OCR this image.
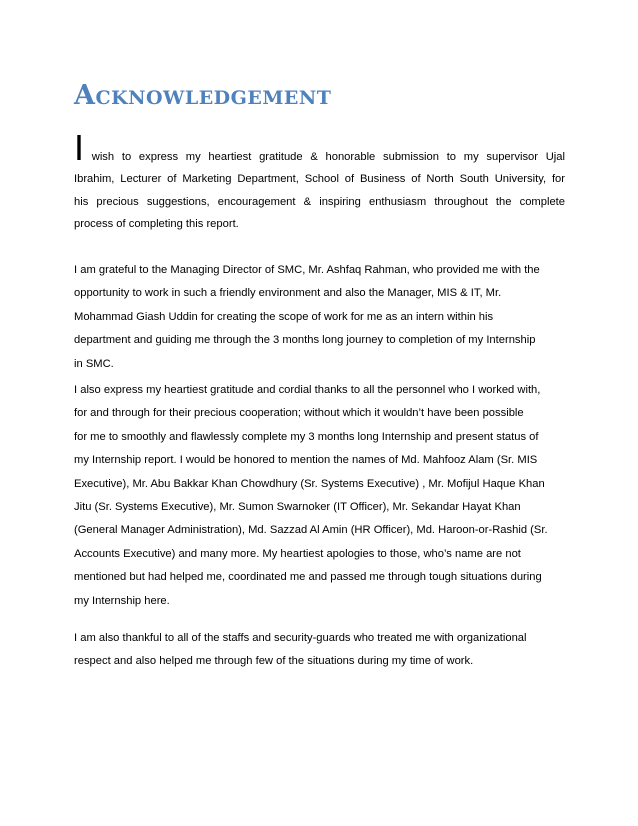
Acknowledgement
I wish to express my heartiest gratitude & honorable submission to my supervisor Ujal
Ibrahim, Lecturer of Marketing Department, School of Business of North South University, for
his precious suggestions, encouragement & inspiring enthusiasm throughout the complete
process of completing this report.
I am grateful to the Managing Director of SMC, Mr. Ashfaq Rahman, who provided me with the
opportunity to work in such a friendly environment and also the Manager, MIS & IT, Mr.
Mohammad Giash Uddin for creating the scope of work for me as an intern within his
department and guiding me through the 3 months long journey to completion of my Internship
in SMC.
I also express my heartiest gratitude and cordial thanks to all the personnel who I worked with,
for and through for their precious cooperation; without which it wouldn’t have been possible
for me to smoothly and flawlessly complete my 3 months long Internship and present status of
my Internship report. I would be honored to mention the names of Md. Mahfooz Alam (Sr. MIS
Executive), Mr. Abu Bakkar Khan Chowdhury (Sr. Systems Executive) , Mr. Mofijul Haque Khan
Jitu (Sr. Systems Executive), Mr. Sumon Swarnoker (IT Officer), Mr. Sekandar Hayat Khan
(General Manager Administration), Md. Sazzad Al Amin (HR Officer), Md. Haroon-or-Rashid (Sr.
Accounts Executive) and many more. My heartiest apologies to those, who’s name are not
mentioned but had helped me, coordinated me and passed me through tough situations during
my Internship here.
I am also thankful to all of the staffs and security-guards who treated me with organizational
respect and also helped me through few of the situations during my time of work.
